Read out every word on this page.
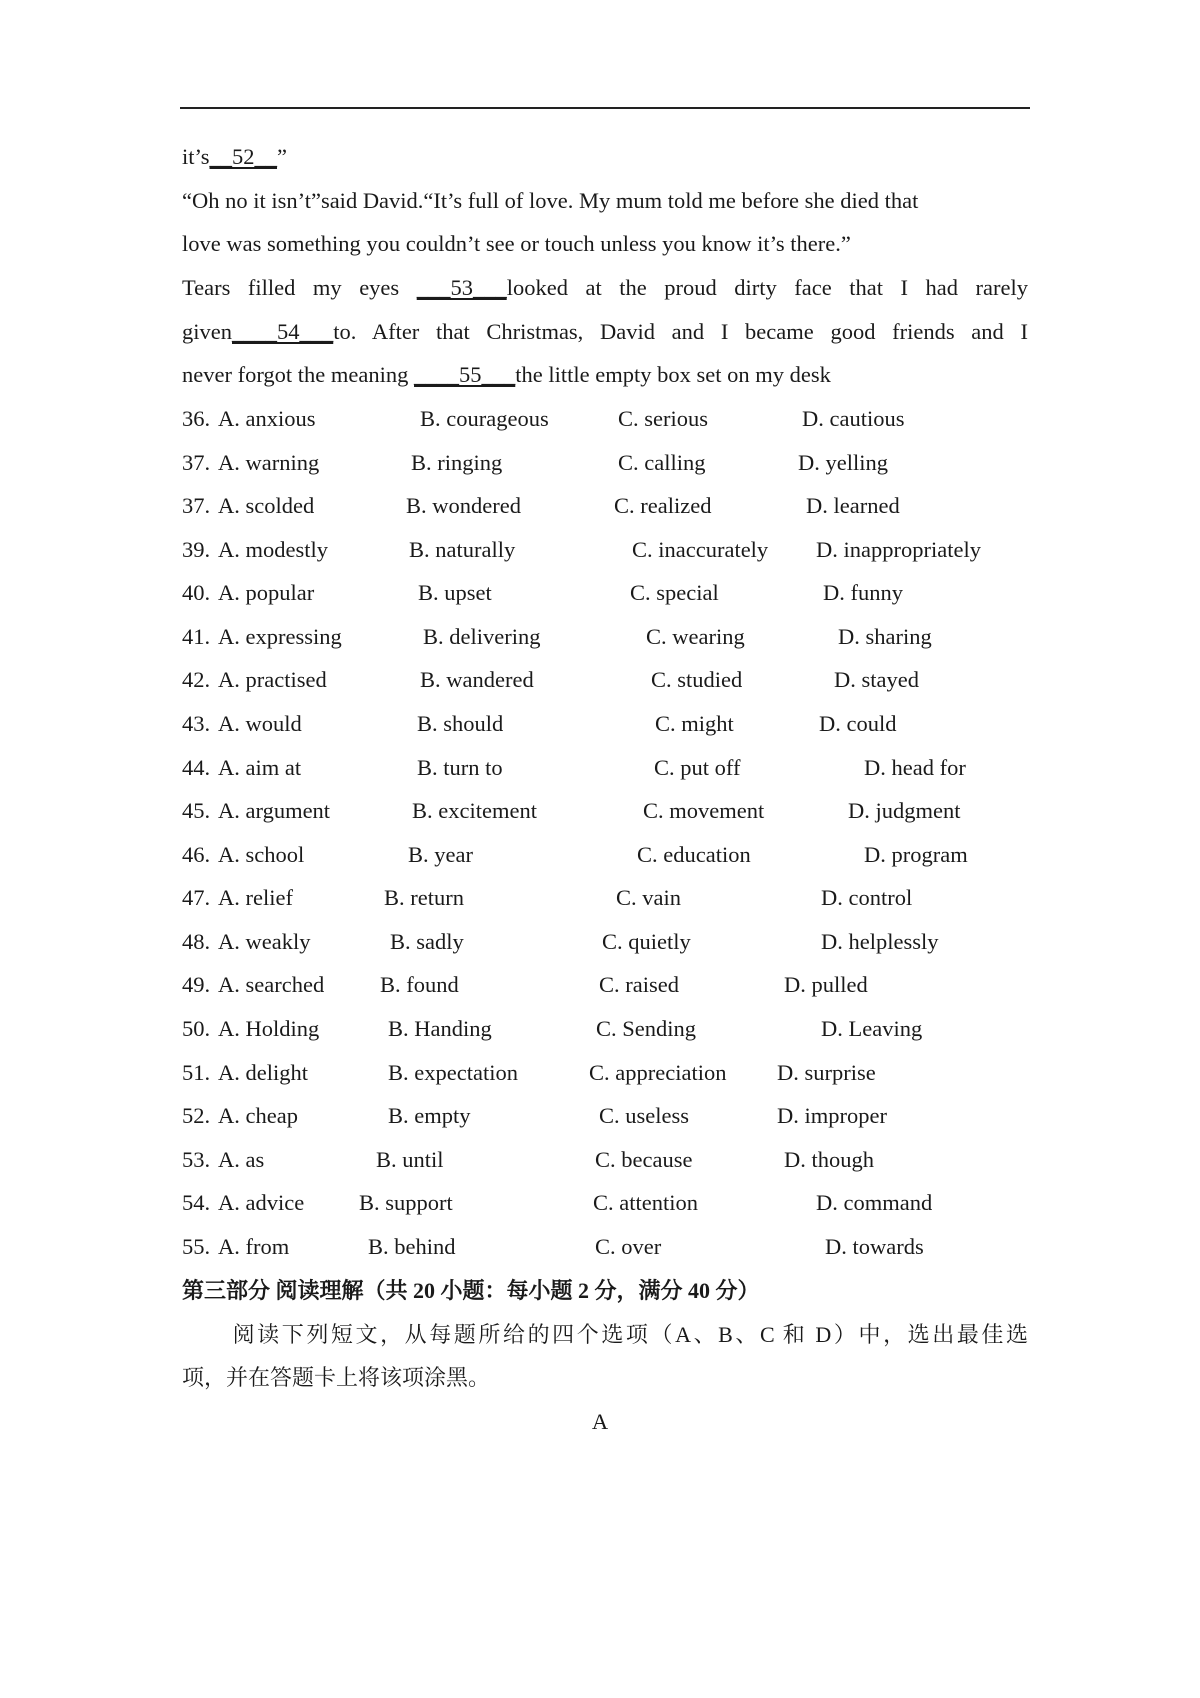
it’s__52__”
“Oh no it isn’t”said David.“It’s full of love. My mum told me before she died that
love was something you couldn’t see or touch unless you know it’s there.”
Tears filled my eyes ___53___looked at the proud dirty face that I had rarely
given____54___to. After that Christmas, David and I became good friends and I
never forgot the meaning ____55___the little empty box set on my desk
36. A. anxious	B. courageous	C. serious	D. cautious
37. A. warning	B. ringing	C. calling	D. yelling
37. A. scolded	B. wondered	C. realized	D. learned
39. A. modestly	B. naturally	C. inaccurately D. inappropriately
40. A. popular	B. upset	C. special	D. funny
41. A. expressing	B. delivering	C. wearing	D. sharing
42. A. practised	B. wandered	C. studied	D. stayed
43. A. would	B. should	C. might	D. could
44. A. aim at	B. turn to	C. put off	D. head for
45. A. argument	B. excitement	C. movement	D. judgment
46. A. school	B. year	C. education	D. program
47. A. relief	B. return	C. vain	D. control
48. A. weakly	B. sadly	C. quietly	D. helplessly
49. A. searched B. found	C. raised	D. pulled
50. A. Holding	B. Handing	C. Sending	D. Leaving
51. A. delight	B. expectation	C. appreciation D. surprise
52. A. cheap	B. empty	C. useless	D. improper
53. A. as	B. until	C. because	D. though
54. A. advice B. support	C. attention	D. command
55. A. from	B. behind	C. over	D. towards
第三部分 阅读理解（共 20 小题：每小题 2 分，满分 40 分）
阅读下列短文，从每题所给的四个选项（A、B、C 和 D）中，选出最佳选
项，并在答题卡上将该项涂黑。
A
